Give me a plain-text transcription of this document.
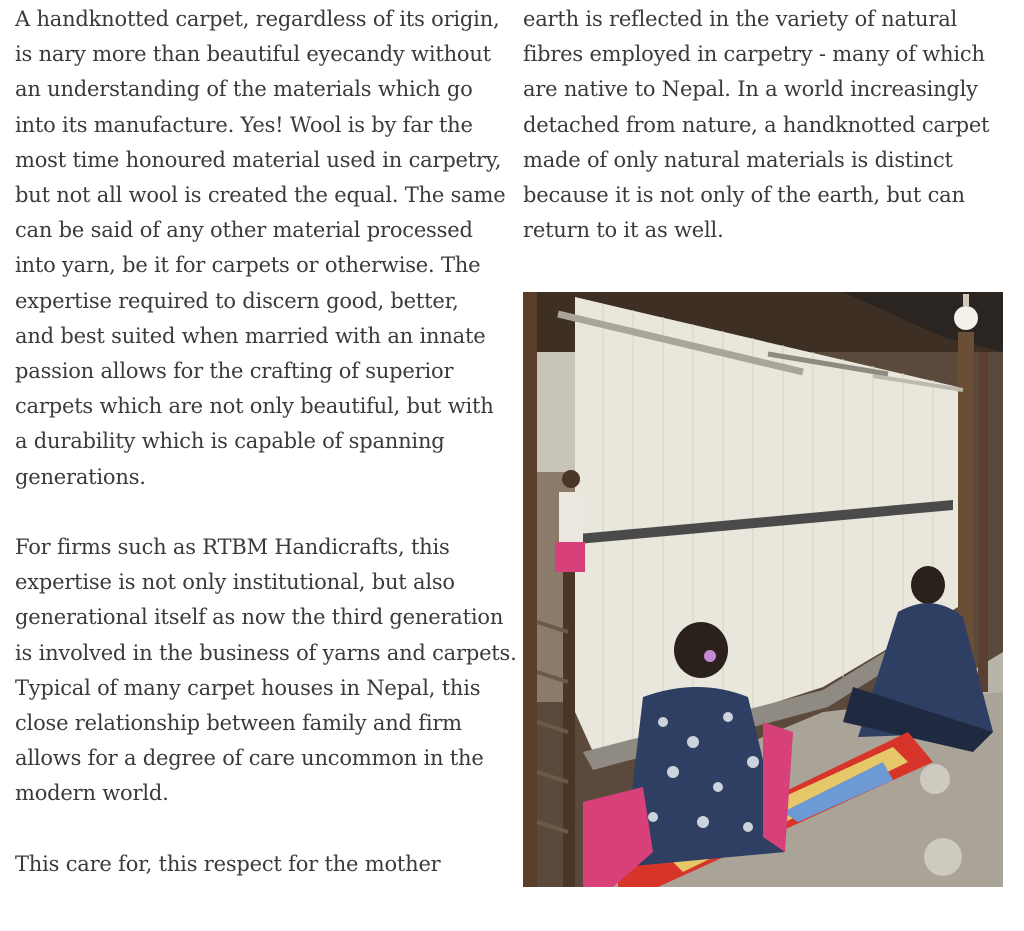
A handknotted carpet, regardless of its origin,
is nary more than beautiful eyecandy without
an understanding of the materials which go
into its manufacture. Yes! Wool is by far the
most time honoured material used in carpetry,
but not all wool is created the equal. The same
can be said of any other material processed
into yarn, be it for carpets or otherwise. The
expertise required to discern good, better,
and best suited when married with an innate
passion allows for the crafting of superior
carpets which are not only beautiful, but with
a durability which is capable of spanning
generations.

For firms such as RTBM Handicrafts, this
expertise is not only institutional, but also
generational itself as now the third generation
is involved in the business of yarns and carpets.
Typical of many carpet houses in Nepal, this
close relationship between family and firm
allows for a degree of care uncommon in the
modern world.

This care for, this respect for the mother

earth is reflected in the variety of natural
fibres employed in carpetry - many of which
are native to Nepal. In a world increasingly
detached from nature, a handknotted carpet
made of only natural materials is distinct
because it is not only of the earth, but can
return to it as well.
